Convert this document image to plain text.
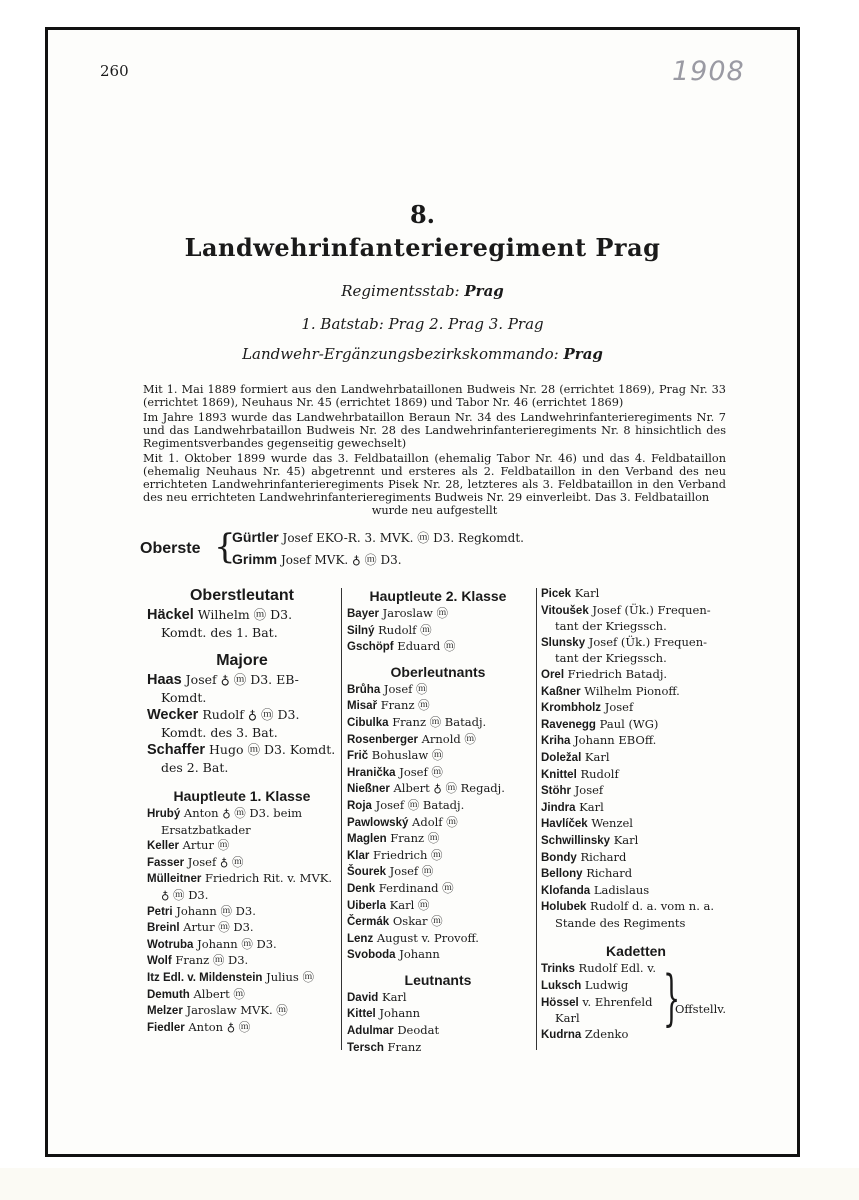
260	1908
8.
Landwehrinfanterieregiment Prag
Regimentsstab: Prag
1. Batstab: Prag 2. Prag 3. Prag
Landwehr-Ergänzungsbezirkskommando: Prag

Mit 1. Mai 1889 formiert aus den Landwehrbataillonen Budweis Nr. 28 (errichtet 1869), Prag Nr. 33 (errichtet 1869), Neuhaus Nr. 45 (errichtet 1869) und Tabor Nr. 46 (errichtet 1869)

Im Jahre 1893 wurde das Landwehrbataillon Beraun Nr. 34 des Landwehrinfanterieregiments Nr. 7 und das Landwehrbataillon Budweis Nr. 28 des Landwehrinfanterieregiments Nr. 8 hinsichtlich des Regimentsverbandes gegenseitig gewechselt)

Mit 1. Oktober 1899 wurde das 3. Feldbataillon (ehemalig Tabor Nr. 46) und das 4. Feldbataillon (ehemalig Neuhaus Nr. 45) abgetrennt und ersteres als 2. Feldbataillon in den Verband des neu errichteten Landwehrinfanterieregiments Pisek Nr. 28, letzteres als 3. Feldbataillon in den Verband des neu errichteten Landwehrinfanterieregiments Budweis Nr. 29 einverleibt. Das 3. Feldbataillon

wurde neu aufgestellt

Oberste {
Gürtler Josef EKO-R. 3. MVK. ⓜ D3. Regkomdt.
Grimm Josef MVK. ♁ ⓜ D3.

Oberstleutant

Häckel Wilhelm ⓜ D3.
Komdt. des 1. Bat.

Majore

Haas Josef ♁ ⓜ D3. EB-
Komdt.
Wecker Rudolf ♁ ⓜ D3.
Komdt. des 3. Bat.
Schaffer Hugo ⓜ D3. Komdt.
des 2. Bat.

Hauptleute 1. Klasse

Hrubý Anton ♁ ⓜ D3. beim
Ersatzbatkader
Keller Artur ⓜ
Fasser Josef ♁ ⓜ
Mülleitner Friedrich Rit. v. MVK.
♁ ⓜ D3.
Petri Johann ⓜ D3.
Breinl Artur ⓜ D3.
Wotruba Johann ⓜ D3.
Wolf Franz ⓜ D3.
Itz Edl. v. Mildenstein Julius ⓜ
Demuth Albert ⓜ
Melzer Jaroslaw MVK. ⓜ
Fiedler Anton ♁ ⓜ

Hauptleute 2. Klasse

Bayer Jaroslaw ⓜ
Silný Rudolf ⓜ
Gschöpf Eduard ⓜ

Oberleutnants

Brůha Josef ⓜ
Misař Franz ⓜ
Cibulka Franz ⓜ Batadj.
Rosenberger Arnold ⓜ
Frič Bohuslaw ⓜ
Hranička Josef ⓜ
Nießner Albert ♁ ⓜ Regadj.
Roja Josef ⓜ Batadj.
Pawlowský Adolf ⓜ
Maglen Franz ⓜ
Klar Friedrich ⓜ
Šourek Josef ⓜ
Denk Ferdinand ⓜ
Uiberla Karl ⓜ
Čermák Oskar ⓜ
Lenz August v. Provoff.
Svoboda Johann

Leutnants

David Karl
Kittel Johann
Adulmar Deodat
Tersch Franz
Picek Karl
Vitoušek Josef (Ük.) Frequen-
tant der Kriegssch.
Slunsky Josef (Ük.) Frequen-
tant der Kriegssch.
Orel Friedrich Batadj.
Kaßner Wilhelm Pionoff.
Krombholz Josef
Ravenegg Paul (WG)
Kriha Johann EBOff.
Doležal Karl
Knittel Rudolf
Stöhr Josef
Jindra Karl
Havlíček Wenzel
Schwillinsky Karl
Bondy Richard
Bellony Richard
Klofanda Ladislaus
Holubek Rudolf d. a. vom n. a.
Stande des Regiments

Kadetten

Trinks Rudolf Edl. v.
Luksch Ludwig
Hössel v. Ehrenfeld
Karl
Kudrna Zdenko
}
Offstellv.
